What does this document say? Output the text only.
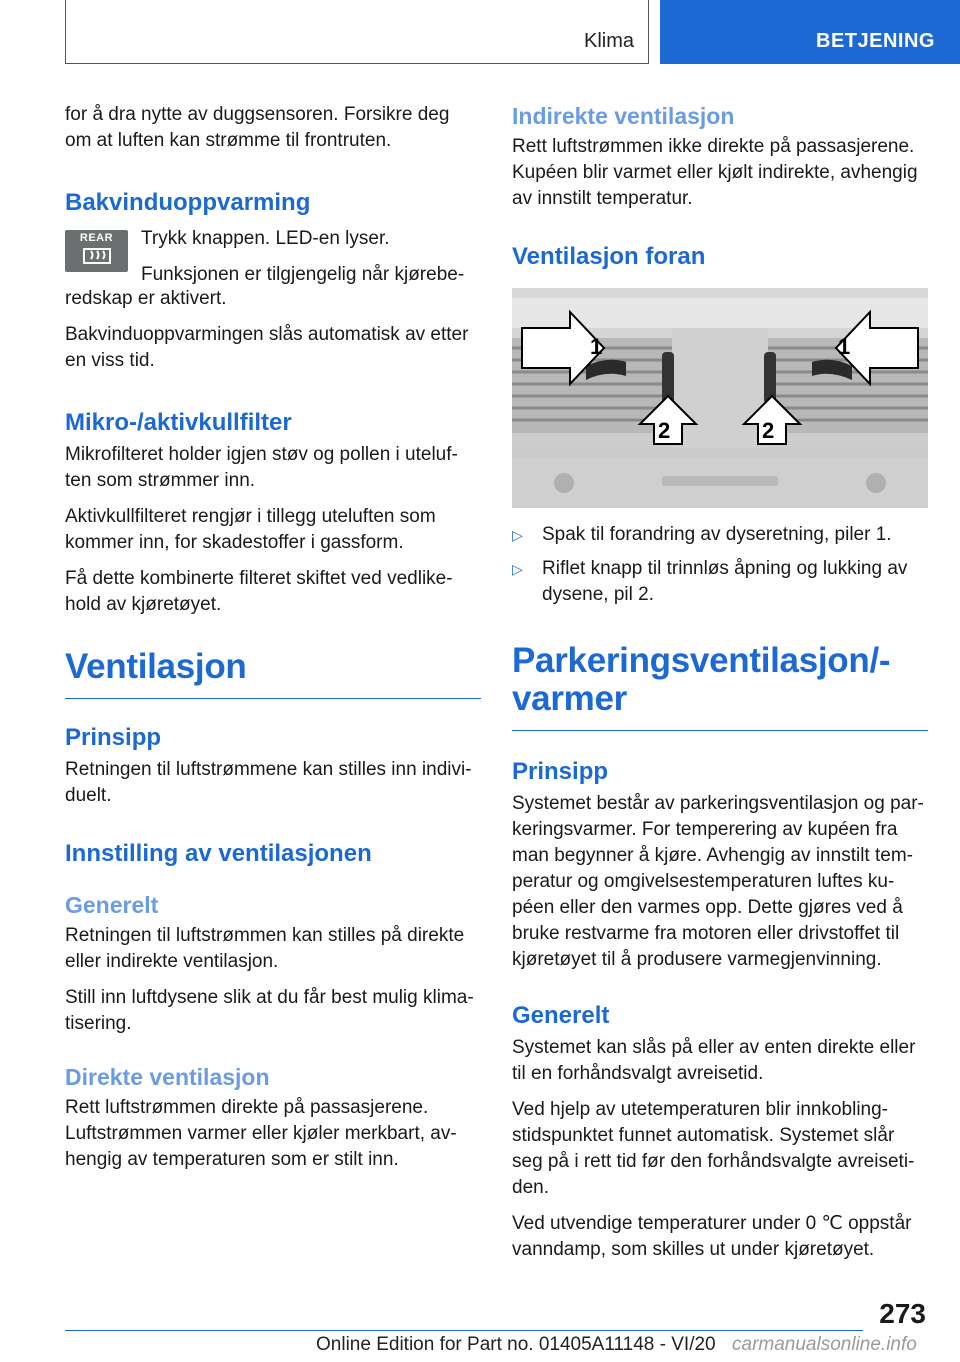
Klima	BETJENING

for å dra nytte av duggsensoren. Forsikre deg om at luften kan strømme til frontruten.

Bakvinduoppvarming
REAR	Trykk knappen. LED-en lyser.

Funksjonen er tilgjengelig når kjørebe-

redskap er aktivert.

Bakvinduoppvarmingen slås automatisk av etter en viss tid.

Mikro-/aktivkullfilter

Mikrofilteret holder igjen støv og pollen i uteluf-ten som strømmer inn.

Aktivkullfilteret rengjør i tillegg uteluften som kommer inn, for skadestoffer i gassform.

Få dette kombinerte filteret skiftet ved vedlike-hold av kjøretøyet.

Ventilasjon
Prinsipp

Retningen til luftstrømmene kan stilles inn indivi-duelt.

Innstilling av ventilasjonen
Generelt

Retningen til luftstrømmen kan stilles på direkte eller indirekte ventilasjon.

Still inn luftdysene slik at du får best mulig klima-tisering.

Direkte ventilasjon

Rett luftstrømmen direkte på passasjerene. Luftstrømmen varmer eller kjøler merkbart, av-hengig av temperaturen som er stilt inn.

Indirekte ventilasjon

Rett luftstrømmen ikke direkte på passasjerene. Kupéen blir varmet eller kjølt indirekte, avhengig av innstilt temperatur.

Ventilasjon foran
1	1
2	2
▷ Spak til forandring av dyseretning, piler 1.
▷ Riflet knapp til trinnløs åpning og lukking av dysene, pil 2.
Parkeringsventilasjon/-varmer
Prinsipp

Systemet består av parkeringsventilasjon og par-keringsvarmer. For temperering av kupéen fra man begynner å kjøre. Avhengig av innstilt tem-peratur og omgivelsestemperaturen luftes ku-péen eller den varmes opp. Dette gjøres ved å bruke restvarme fra motoren eller drivstoffet til kjøretøyet til å produsere varmegjenvinning.

Generelt

Systemet kan slås på eller av enten direkte eller til en forhåndsvalgt avreisetid.

Ved hjelp av utetemperaturen blir innkobling-stidspunktet funnet automatisk. Systemet slår seg på i rett tid før den forhåndsvalgte avreiseti-den.

Ved utvendige temperaturer under 0 ℃ oppstår vanndamp, som skilles ut under kjøretøyet.

273
Online Edition for Part no. 01405A11148 - VI/20 carmanualsonline.info
